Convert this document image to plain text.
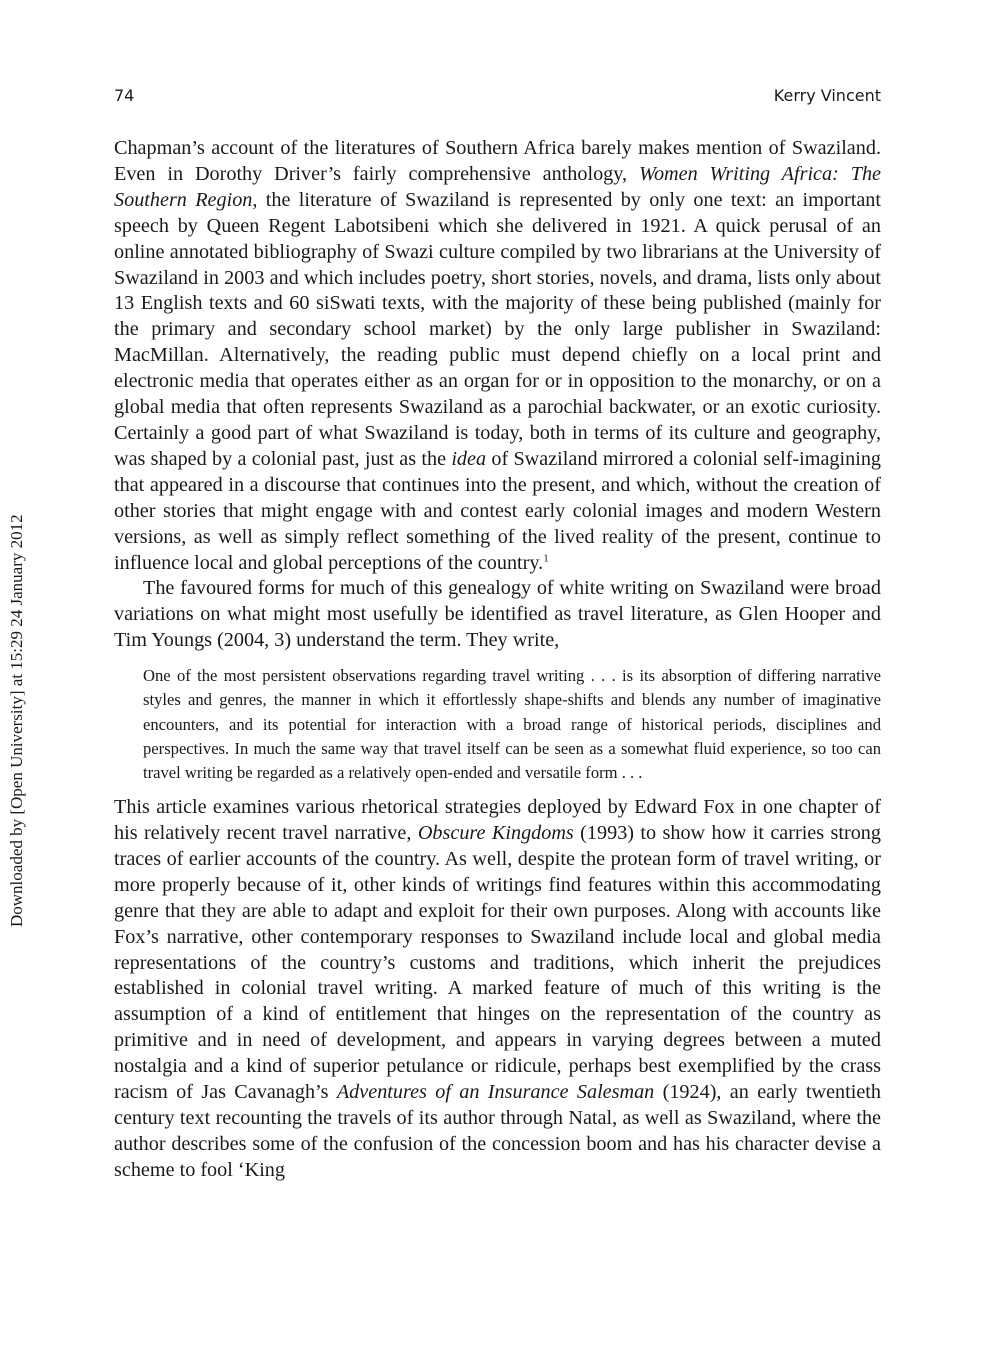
Downloaded by [Open University] at 15:29 24 January 2012
74	Kerry Vincent

Chapman’s account of the literatures of Southern Africa barely makes mention of Swaziland. Even in Dorothy Driver’s fairly comprehensive anthology, Women Writing Africa: The Southern Region, the literature of Swaziland is represented by only one text: an important speech by Queen Regent Labotsibeni which she delivered in 1921. A quick perusal of an online annotated bibliography of Swazi culture compiled by two librarians at the University of Swaziland in 2003 and which includes poetry, short stories, novels, and drama, lists only about 13 English texts and 60 siSwati texts, with the majority of these being published (mainly for the primary and secondary school market) by the only large publisher in Swaziland: MacMillan. Alternatively, the reading public must depend chiefly on a local print and electronic media that operates either as an organ for or in opposition to the monarchy, or on a global media that often represents Swaziland as a parochial backwater, or an exotic curiosity. Certainly a good part of what Swaziland is today, both in terms of its culture and geography, was shaped by a colonial past, just as the idea of Swaziland mirrored a colonial self-imagining that appeared in a discourse that continues into the present, and which, without the creation of other stories that might engage with and contest early colonial images and modern Western versions, as well as simply reflect something of the lived reality of the present, continue to influence local and global perceptions of the country.$^1$

The favoured forms for much of this genealogy of white writing on Swaziland were broad variations on what might most usefully be identified as travel literature, as Glen Hooper and Tim Youngs (2004, 3) understand the term. They write,

One of the most persistent observations regarding travel writing . . . is its absorption of differing narrative styles and genres, the manner in which it effortlessly shape-shifts and blends any number of imaginative encounters, and its potential for interaction with a broad range of historical periods, disciplines and perspectives. In much the same way that travel itself can be seen as a somewhat fluid experience, so too can travel writing be regarded as a relatively open-ended and versatile form . . .

This article examines various rhetorical strategies deployed by Edward Fox in one chapter of his relatively recent travel narrative, Obscure Kingdoms (1993) to show how it carries strong traces of earlier accounts of the country. As well, despite the protean form of travel writing, or more properly because of it, other kinds of writings find features within this accommodating genre that they are able to adapt and exploit for their own purposes. Along with accounts like Fox’s narrative, other contemporary responses to Swaziland include local and global media representations of the country’s customs and traditions, which inherit the prejudices established in colonial travel writing. A marked feature of much of this writing is the assumption of a kind of entitlement that hinges on the representation of the country as primitive and in need of development, and appears in varying degrees between a muted nostalgia and a kind of superior petulance or ridicule, perhaps best exemplified by the crass racism of Jas Cavanagh’s Adventures of an Insurance Salesman (1924), an early twentieth century text recounting the travels of its author through Natal, as well as Swaziland, where the author describes some of the confusion of the concession boom and has his character devise a scheme to fool ‘King
